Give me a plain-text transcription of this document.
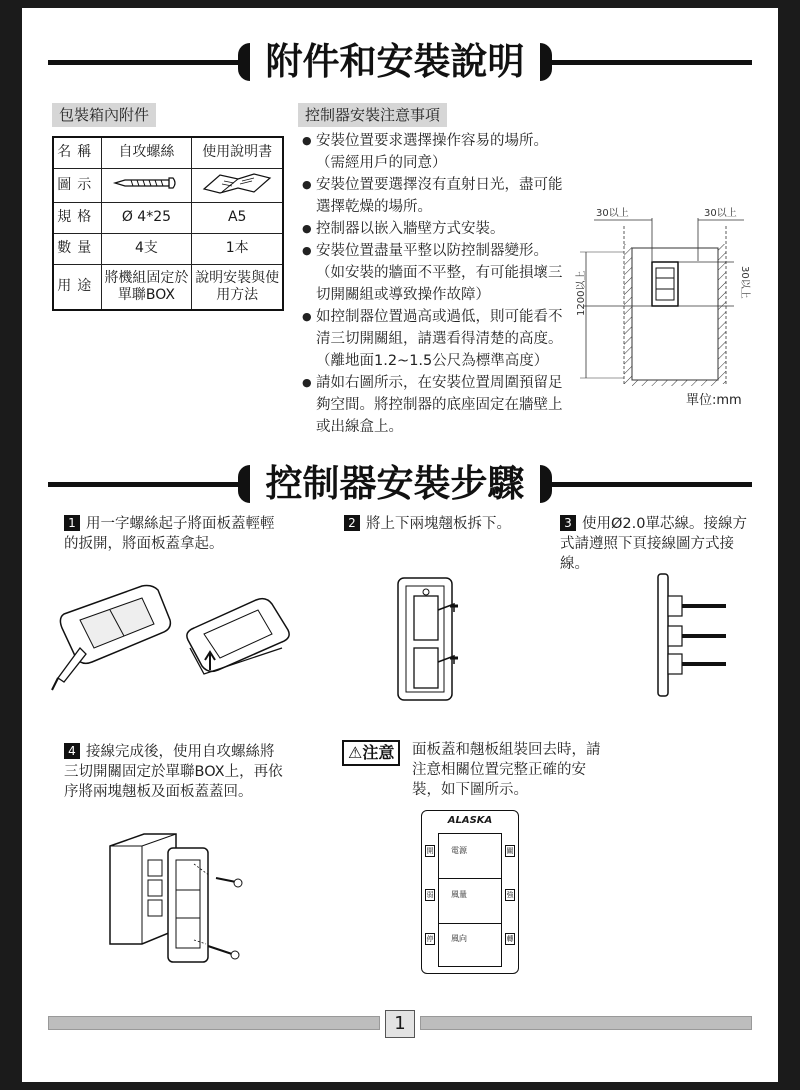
附件和安裝說明
包裝箱內附件	控制器安裝注意事項
名稱	自攻螺絲	使用說明書
圖示		
規格	Ø 4*25	A5
數量	4支	1本
用途	將機組固定於單聯BOX	說明安裝與使用方法
● 安裝位置要求選擇操作容易的場所。（需經用戶的同意）
● 安裝位置要選擇沒有直射日光，盡可能選擇乾燥的場所。
● 控制器以嵌入牆壁方式安裝。
● 安裝位置盡量平整以防控制器變形。（如安裝的牆面不平整，有可能損壞三切開關組或導致操作故障）
● 如控制器位置過高或過低，則可能看不清三切開關組，請選看得清楚的高度。（離地面1.2~1.5公尺為標準高度）
● 請如右圖所示，在安裝位置周圍預留足夠空間。將控制器的底座固定在牆壁上或出線盒上。
30以上	30以上
30以上
1200以上
單位:mm
控制器安裝步驟
1 用一字螺絲起子將面板蓋輕輕的扳開，將面板蓋拿起。
2 將上下兩塊翹板拆下。	3 使用Ø2.0單芯線。接線方式請遵照下頁接線圖方式接線。
4 接線完成後，使用自攻螺絲將三切開關固定於單聯BOX上，再依序將兩塊翹板及面板蓋蓋回。
⚠注意	面板蓋和翹板組裝回去時，請注意相關位置完整正確的安裝，如下圖所示。
ALASKA
開 電源	關
弱 風量	強
停 風向	轉
1
